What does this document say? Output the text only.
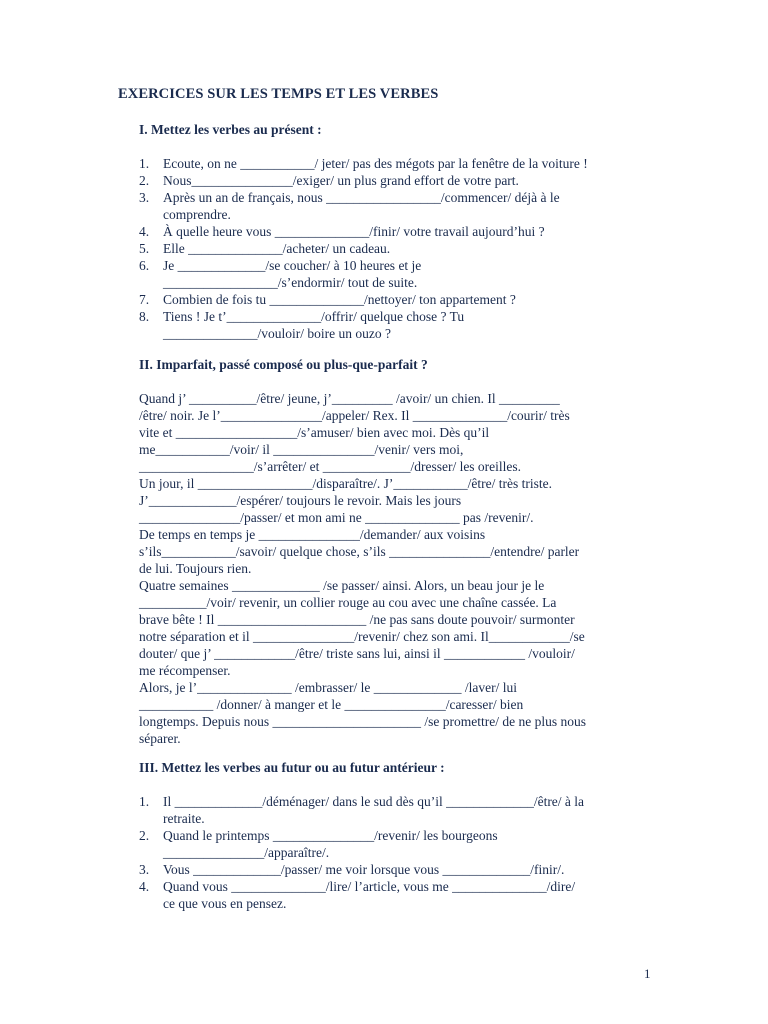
EXERCICES SUR LES TEMPS ET LES VERBES
I. Mettez les verbes au présent :
1. Ecoute, on ne ___________/ jeter/ pas des mégots par la fenêtre de la voiture !
2. Nous_______________/exiger/ un plus grand effort de votre part.
3. Après un an de français, nous _________________/commencer/ déjà à le
comprendre.
4. À quelle heure vous ______________/finir/ votre travail aujourd’hui ?
5. Elle ______________/acheter/ un cadeau.
6. Je _____________/se coucher/ à 10 heures et je
_________________/s’endormir/ tout de suite.
7. Combien de fois tu ______________/nettoyer/ ton appartement ?
8. Tiens ! Je t’______________/offrir/ quelque chose ? Tu
______________/vouloir/ boire un ouzo ?
II. Imparfait, passé composé ou plus-que-parfait ?
Quand j’ __________/être/ jeune, j’_________ /avoir/ un chien. Il _________
/être/ noir. Je l’_______________/appeler/ Rex. Il ______________/courir/ très
vite et __________________/s’amuser/ bien avec moi. Dès qu’il
me___________/voir/ il _______________/venir/ vers moi,
_________________/s’arrêter/ et _____________/dresser/ les oreilles.
Un jour, il _________________/disparaître/. J’___________/être/ très triste.
J’_____________/espérer/ toujours le revoir. Mais les jours
_______________/passer/ et mon ami ne ______________ pas /revenir/.
De temps en temps je _______________/demander/ aux voisins
s’ils___________/savoir/ quelque chose, s’ils _______________/entendre/ parler
de lui. Toujours rien.
Quatre semaines _____________ /se passer/ ainsi. Alors, un beau jour je le
__________/voir/ revenir, un collier rouge au cou avec une chaîne cassée. La
brave bête ! Il ______________________ /ne pas sans doute pouvoir/ surmonter
notre séparation et il _______________/revenir/ chez son ami. Il____________/se
douter/ que j’ ____________/être/ triste sans lui, ainsi il ____________ /vouloir/
me récompenser.
Alors, je l’______________ /embrasser/ le _____________ /laver/ lui
___________ /donner/ à manger et le _______________/caresser/ bien
longtemps. Depuis nous ______________________ /se promettre/ de ne plus nous
séparer.
III. Mettez les verbes au futur ou au futur antérieur :
1. Il _____________/déménager/ dans le sud dès qu’il _____________/être/ à la
retraite.
2. Quand le printemps _______________/revenir/ les bourgeons
_______________/apparaître/.
3. Vous _____________/passer/ me voir lorsque vous _____________/finir/.
4. Quand vous ______________/lire/ l’article, vous me ______________/dire/
ce que vous en pensez.
1
